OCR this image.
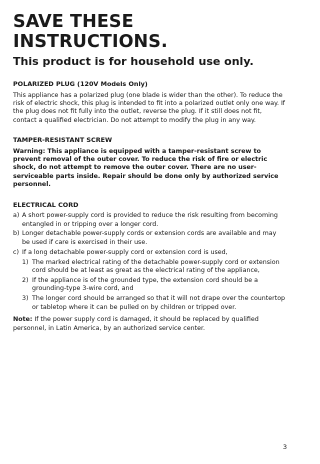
SAVE THESE INSTRUCTIONS.
This product is for household use only.
POLARIZED PLUG (120V Models Only)

This appliance has a polarized plug (one blade is wider than the other). To reduce the risk of electric shock, this plug is intended to fit into a polarized outlet only one way. If the plug does not fit fully into the outlet, reverse the plug. If it still does not fit, contact a qualified electrician. Do not attempt to modify the plug in any way.

TAMPER-RESISTANT SCREW

Warning: This appliance is equipped with a tamper-resistant screw to prevent removal of the outer cover. To reduce the risk of fire or electric shock, do not attempt to remove the outer cover. There are no user-serviceable parts inside. Repair should be done only by authorized service personnel.

ELECTRICAL CORD
a) A short power-supply cord is provided to reduce the risk resulting from becoming entangled in or tripping over a longer cord.
b) Longer detachable power-supply cords or extension cords are available and may be used if care is exercised in their use.
c) If a long detachable power-supply cord or extension cord is used,
1) The marked electrical rating of the detachable power-supply cord or extension cord should be at least as great as the electrical rating of the appliance,
2) If the appliance is of the grounded type, the extension cord should be a grounding-type 3-wire cord, and
3) The longer cord should be arranged so that it will not drape over the countertop or tabletop where it can be pulled on by children or tripped over.

Note: If the power supply cord is damaged, it should be replaced by qualified personnel, in Latin America, by an authorized service center.

3
